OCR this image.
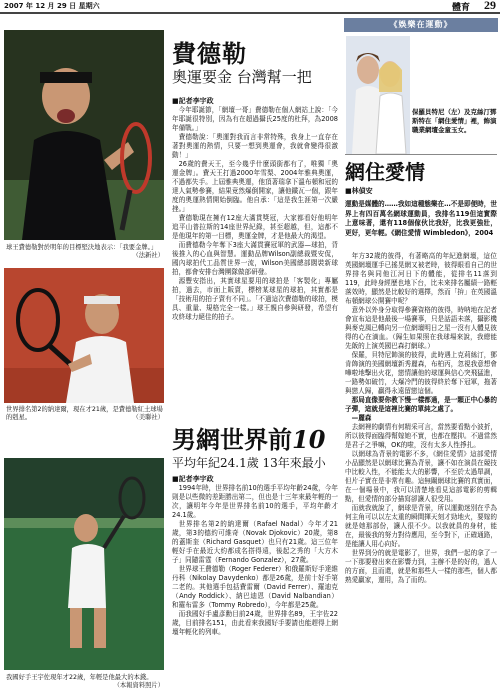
2007 年 12 月 29 日 星期六	體育 29
球王費德勒對於明年的目標堅決地表示：「我要金牌。」
（法新社）
世界排名第2的納達爾，現在才21歲，是費德勒紅土球場的剋星。	（美聯社）
我國好手王宇佐現年才22歲，年輕是他最大的本錢。
（本報資料照片）
費德勒
奧運要金 台灣幫一把
■記者李宇政

今年耶誕節，「網壇一哥」費德勒在個人網站上說：「今年耶誕很特別，因為有在超過攝氏25度的杜拜，為2008年備戰。」

費德勒說：「奧運對我而言非常特殊，我身上一直存在著對奧運的熱情，只要一想到奧運會，我就會變得很激動！」

26歲的費天王，至今幾乎什麼頭銜都有了，唯獨「奧運金牌」。費天王打過2000年雪梨、2004年雅典奧運，不過都失手。上屆雅典奧運，他頂著瑞拿下溫布頓和冠的達人氣勢參賽，結果竟然爆倒開家，讓他鐵瓦一個，跟年度的奧運熱情開始倒臨。他自承：「這是我生涯第一次嚴挫。」

費德勒現在擁有12座大滿貫獎冠，大家都看好他明年追平山普拉斯的14座世界紀錄，甚至超越，但，這都不是他現年的第一目標，奧運金牌，才是他最大的渴望。

而費德勒今年奪下3座大滿貫賽冠軍的武器—球拍，背後推入的心血與智慧。運動品牌Wilson副總裁暨安侃，國內球拍代工品質世界一流，Wilson美國總部闊裝新球拍，都會安排台灣團隊做部研發。

源豐安指出，其實球星要用的球拍是「客製化」專屬拍，過去，市面上販賣，標榜某球星的球拍，其實都是「技術用的拍子賣有不同」。「不過這次費德勒的球拍，模具、重量、規格完全一樣。」球王親自參與研發，希望有攻終球力絕佳的拍子。

男網世界前10
平均年紀24.1歲 13年來最小
■記者李宇政

1994年時，世界排名前10的選手平均年齡24歲，今年則是以些微的差距勝出第二，但也是十三年來最年輕的一次，讓明年今年是世界排名前10的選手，平均年齡才24.1歲。

世界排名第2的納達爾（Rafael Nadal）今年才21歲，第3的德約可維奇（Novak Djokovic）20歲，第8的蓋斯奎（Richard Gasquet）也只有21歲。這三位年輕好手在最近大約都成名搭得遠，後起之秀的「大方木子」同隨雷霆（Fernando Gonzalez），27歲。

世界球王費德勒（Roger Federer）和俄羅斯好手達維丹科（Nikolay Davydenko）都是26歲，是前十好手第二老的。其他選手包括費雷爾（David Ferrer）、羅迪克（Andy Roddick）、納巴迪恩（David Nalbandian）和羅布雷多（Tommy Robredo），今年都是25歲。

而我國好手盧彥勳目前24歲，世界排名89，王宇佐22歲，目前排名151，由此看來我國好手要請也能趕得上網壇年輕化的列車。

《娛樂在運動》
保羅貝特尼（左）及克絲汀鄧斯特在「網住愛情」裡，飾演職業網壇金童玉女。
網住愛情
■林偵安
運動是媒體的……我如這種態樂在…不是即便時，世界上有四百萬名網球運動員，我排名119但這實際上意味著，還有118個傢伙比我好，比我更強壯，更好，更年輕。《網住愛情 Wimbledon》，2004

年方32歲的彼得，有著略高的年紀進網壇，這位英國網壇運手已搖晃網又被老時，彼得眼看自己的世界排名與同他江河日下的體能，從排名11落到119，此時身經歷也地下台，比未來排名屬績一路輕落效時，顯然是比較好的選擇，然而「拚」在英國溫布頓網球公開賽中呢？

意外以外身分取得參賽資格的彼得，時呐地在記者會宣布這是他最後一場賽事，只是話語未落，攝影機與麥克風已轉向另一位網壇明日之星一沒有人體見彼得的心在滴血。（歸生如果照在我球場來說，我總能先飯的上演英國巴森打網球。）

保羅，貝特尼飾演的彼得，此時遇上克莉絲汀，鄧肯飾演的美國網壇新秀麗森，布柏丙，忽視我意想會嘩啦地擊出火花，戀情讓他的球運與信心突飛猛進，一路勢如破竹，大爆冷門的彼得終於奪下冠軍，拖著與戀人歸，贏得永遠留戀這個。

那局直像要你教下慢一樣都過，是一顆正中心暴的子彈，這就是這裡比賽的單純之處了。

—麗森

去網裡的劇情有何精采可言，當然要看點小波折，所以彼得面臨得幫嫁她不實，也都在壓抑。不過當然是君子之爭嘛，OK的啦，沒有太多人性掙扎。

以網球為背景的電影不多，《網住愛情》這部愛情小品顯然是以網球比賽為背景，讓不如在演員在競技中比較入性，不能能太大的影響，不至於太過單調，但片子實在是非常有趣。這無關網球比賽的真實面，在一個場景中，我可以清楚地看見這部電影的剪輯點，但愛情的部分描寫卻讓人很受用。

而就我就說了，網球是背景，所以運動迷別在乎為何主角可以以左太重的瞬間揮天刻才勁地火，要嫁的就是她那部份，讓人很不少。以我就員的身材，能在，最後我的努力對待應用，至今對下，正確通路，是能讓人用心向好。

世界到分的就是電影了，世界，我們一起的拿了一一下那要發出來在影響力到，主辦不是的好的，過人的方面，且而還，就是和那些人一樣的那些，個人都熟愛贏家，運用，為了而的。
